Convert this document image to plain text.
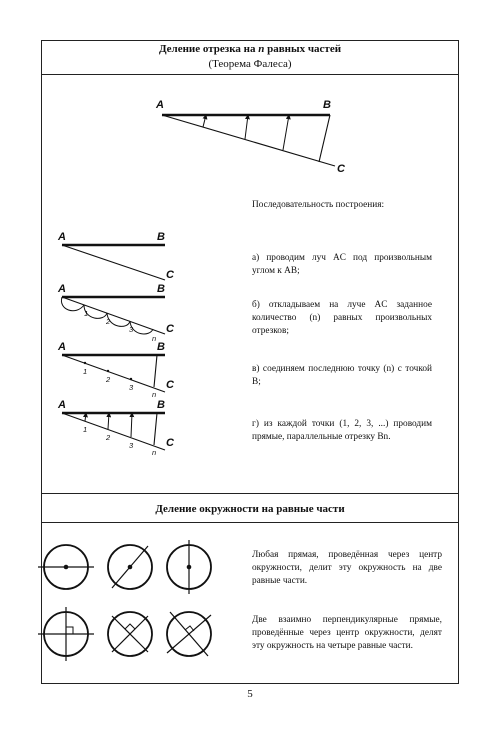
Деление отрезка на n равных частей
(Теорема Фалеса)
Последовательность построения:
а) проводим луч AC под произвольным углом к AB;
б) откладываем на луче AC заданное количество (n) равных произвольных отрезков;
в) соединяем последнюю точку (n) с точкой B;
г) из каждой точки (1, 2, 3, ...) проводим прямые, параллельные отрезку Bn.
Деление окружности на равные части
Любая прямая, проведённая через центр окружности, делит эту окружность на две равные части.
Две взаимно перпендикулярные прямые, проведённые через центр окружности, делят эту окружность на четыре равные части.
5
A	B
C
A	B
C
A	B
C
1
2
3
n
A	B
C
1
2
3
n
A	B
C
1
2
3
n
